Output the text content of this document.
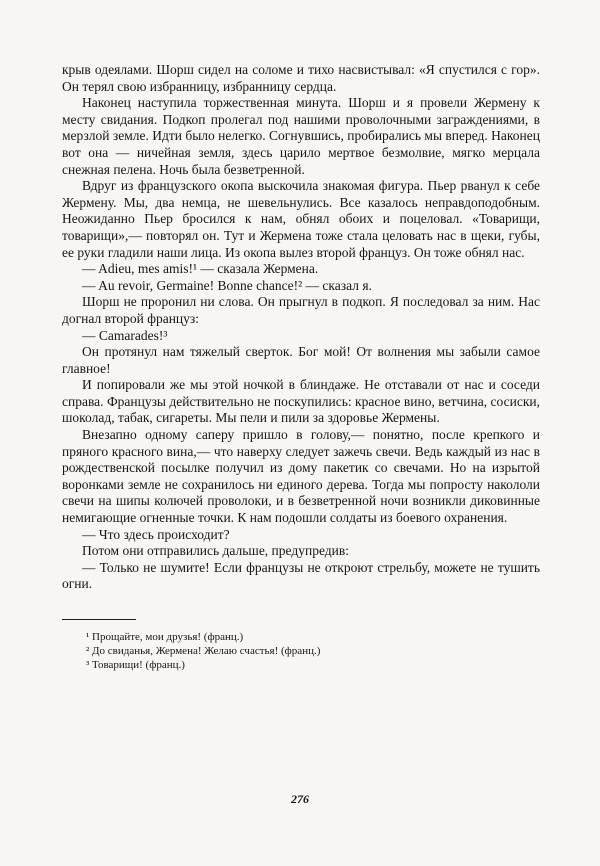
крыв одеялами. Шорш сидел на соломе и тихо насвистывал: «Я спустился с гор». Он терял свою избранницу, избранницу сердца.

Наконец наступила торжественная минута. Шорш и я провели Жермену к месту свидания. Подкоп пролегал под нашими проволочными заграждениями, в мерзлой земле. Идти было нелегко. Согнувшись, пробирались мы вперед. Наконец вот она — ничейная земля, здесь царило мертвое безмолвие, мягко мерцала снежная пелена. Ночь была безветренной.

Вдруг из французского окопа выскочила знакомая фигура. Пьер рванул к себе Жермену. Мы, два немца, не шевельнулись. Все казалось неправдоподобным. Неожиданно Пьер бросился к нам, обнял обоих и поцеловал. «Товарищи, товарищи»,— повторял он. Тут и Жермена тоже стала целовать нас в щеки, губы, ее руки гладили наши лица. Из окопа вылез второй француз. Он тоже обнял нас.

— Adieu, mes amis!¹ — сказала Жермена.

— Au revoir, Germaine! Bonne chance!² — сказал я.

Шорш не проронил ни слова. Он прыгнул в подкоп. Я последовал за ним. Нас догнал второй француз:

— Camarades!³

Он протянул нам тяжелый сверток. Бог мой! От волнения мы забыли самое главное!

И попировали же мы этой ночкой в блиндаже. Не отставали от нас и соседи справа. Французы действительно не поскупились: красное вино, ветчина, сосиски, шоколад, табак, сигареты. Мы пели и пили за здоровье Жермены.

Внезапно одному саперу пришло в голову,— понятно, после крепкого и пряного красного вина,— что наверху следует зажечь свечи. Ведь каждый из нас в рождественской посылке получил из дому пакетик со свечами. Но на изрытой воронками земле не сохранилось ни единого дерева. Тогда мы попросту накололи свечи на шипы колючей проволоки, и в безветренной ночи возникли диковинные немигающие огненные точки. К нам подошли солдаты из боевого охранения.

— Что здесь происходит?

Потом они отправились дальше, предупредив:

— Только не шумите! Если французы не откроют стрельбу, можете не тушить огни.

¹ Прощайте, мои друзья! (франц.)

² До свиданья, Жермена! Желаю счастья! (франц.)

³ Товарищи! (франц.)

276
